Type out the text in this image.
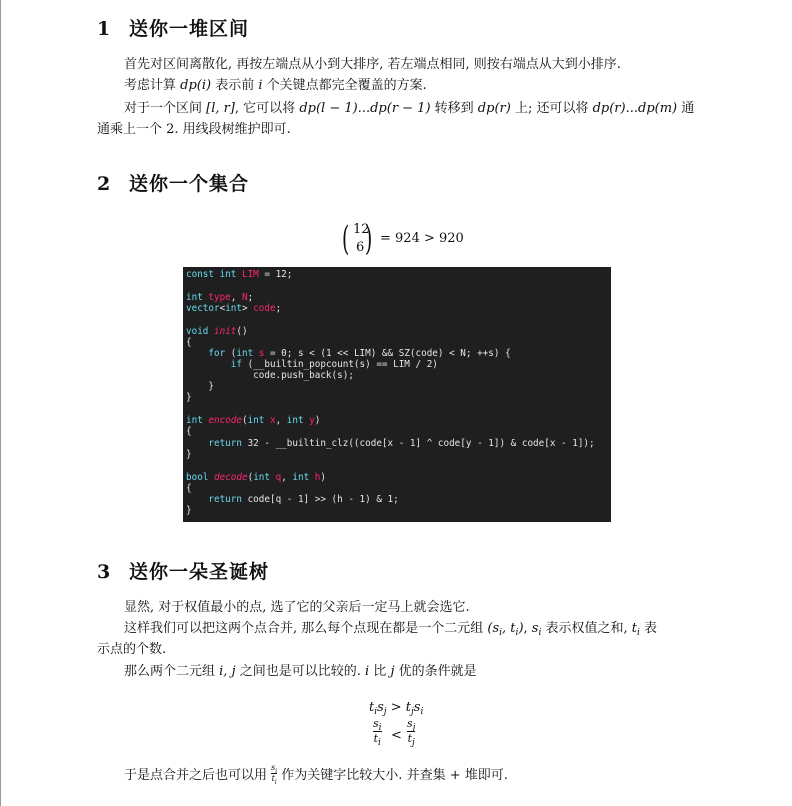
1 送你一堆区间
首先对区间离散化, 再按左端点从小到大排序, 若左端点相同, 则按右端点从大到小排序.
考虑计算 dp(i) 表示前 i 个关键点都完全覆盖的方案.
对于一个区间 [l, r], 它可以将 dp(l − 1)...dp(r − 1) 转移到 dp(r) 上; 还可以将 dp(r)...dp(m) 通
通乘上一个 2. 用线段树维护即可.
2 送你一个集合
( 12
6 ) = 924 > 920
const int LIM = 12;
int type, N;
vector<int> code;
void init()
{
for (int s = 0; s < (1 << LIM) && SZ(code) < N; ++s) {
if (__builtin_popcount(s) == LIM / 2)
code.push_back(s);
}
}
int encode(int x, int y)
{
return 32 - __builtin_clz((code[x - 1] ^ code[y - 1]) & code[x - 1]);
}
bool decode(int q, int h)
{
return code[q - 1] >> (h - 1) & 1;
}
3 送你一朵圣诞树
显然, 对于权值最小的点, 选了它的父亲后一定马上就会选它.
这样我们可以把这两个点合并, 那么每个点现在都是一个二元组 ($s_i$, $t_i$), $s_i$ 表示权值之和, $t_i$ 表
示点的个数.
那么两个二元组 i, j 之间也是可以比较的. i 比 j 优的条件就是
$t_is_j > t_js_i$
$s_i$
$t_i$ <
$s_j$
$t_j$
于是点合并之后也可以用 $\frac{s_i}{t_i}$ 作为关键字比较大小. 并查集 + 堆即可.
